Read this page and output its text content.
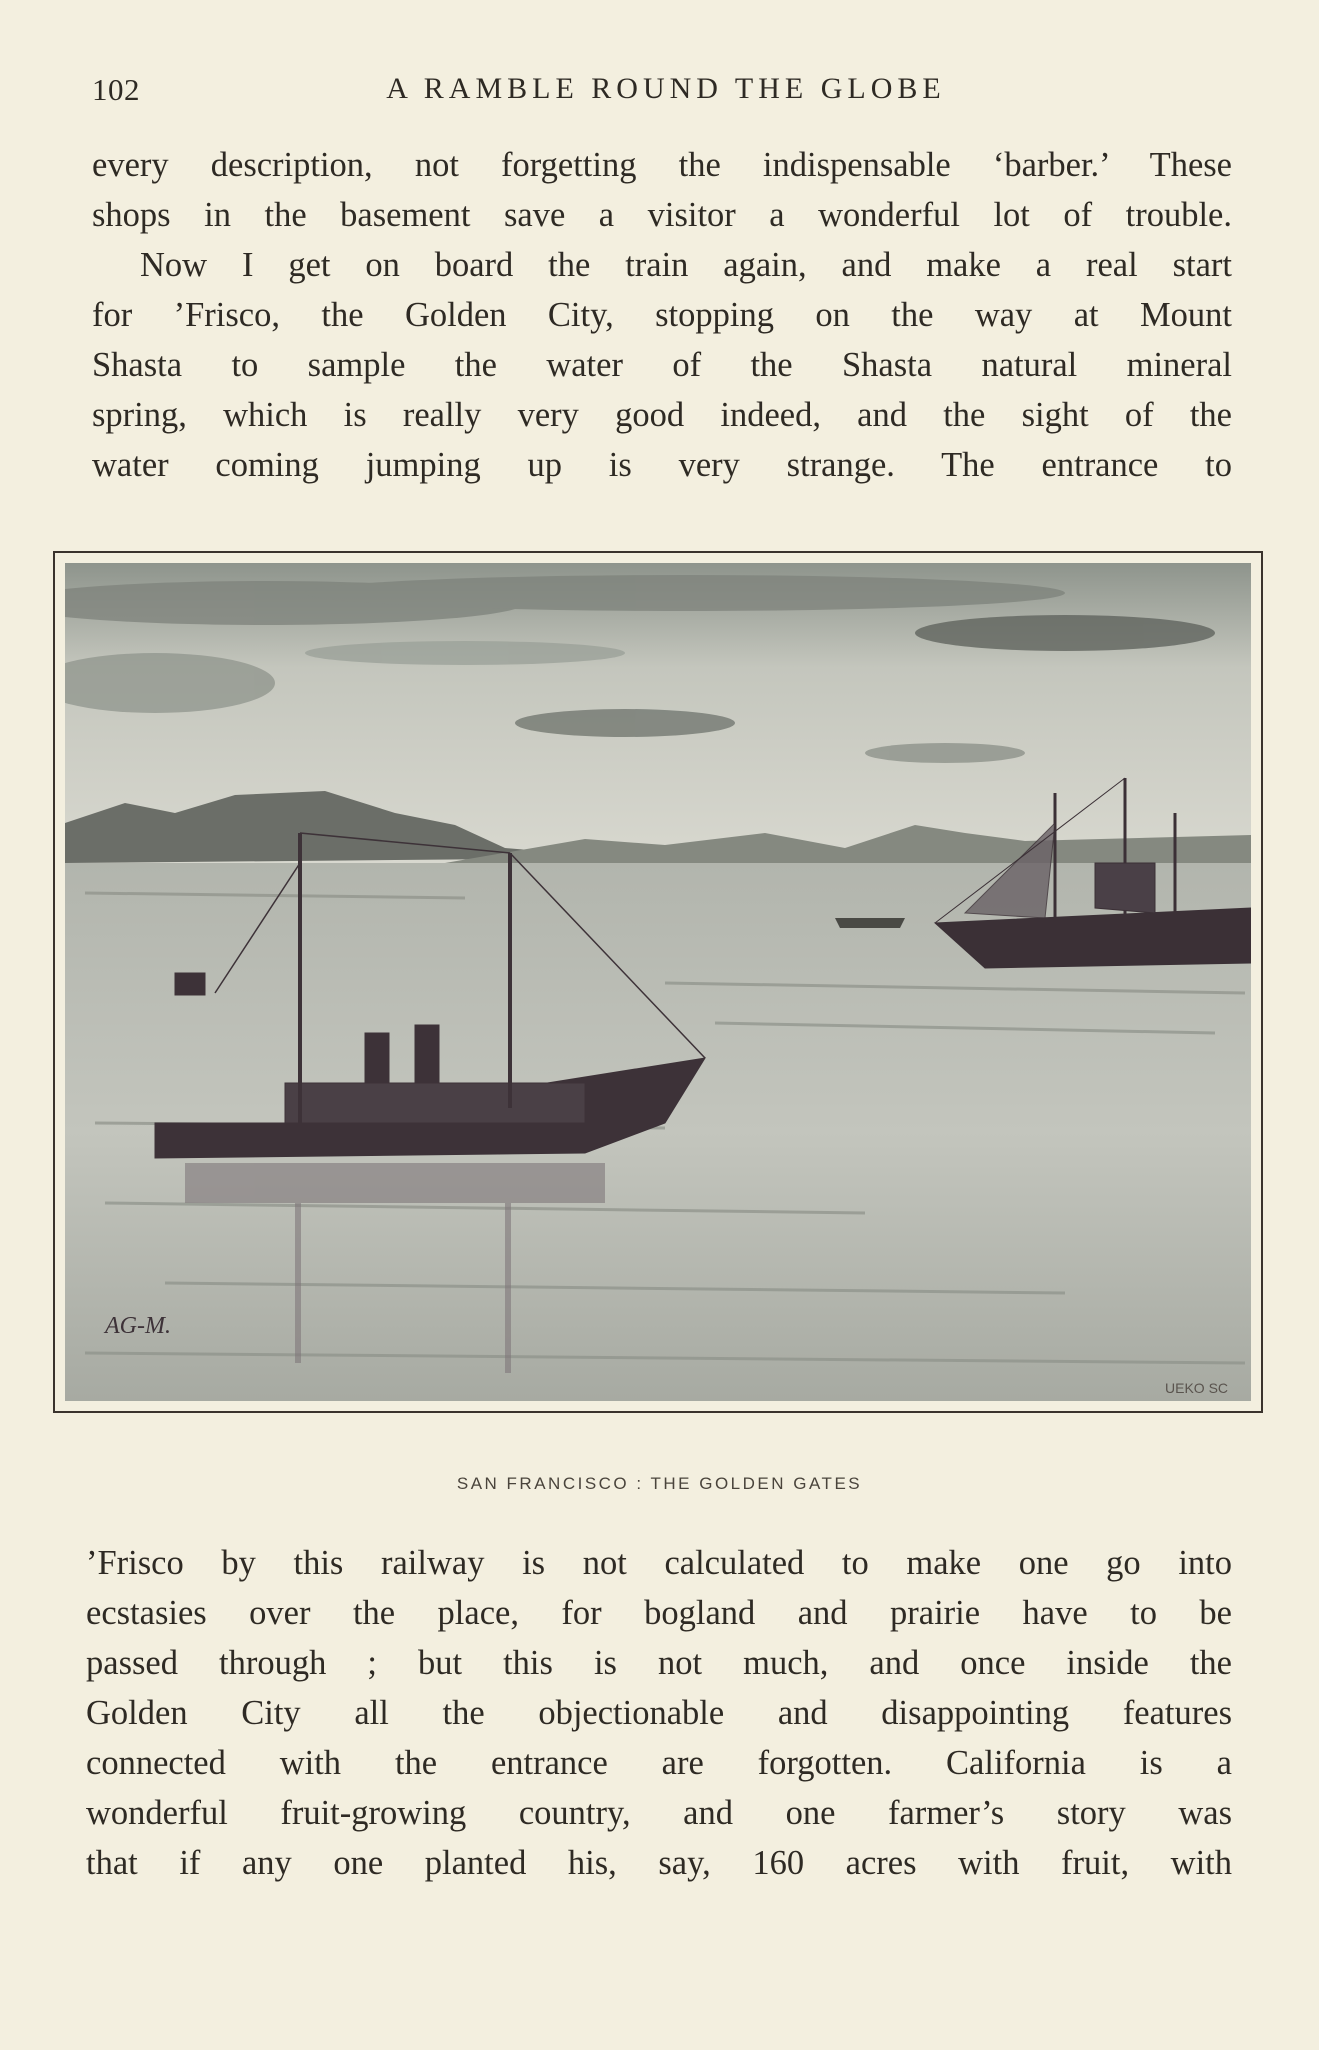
102	A RAMBLE ROUND THE GLOBE
every description, not forgetting the indispensable ‘barber.’ These
shops in the basement save a visitor a wonderful lot of trouble.
Now I get on board the train again, and make a real start
for ’Frisco, the Golden City, stopping on the way at Mount
Shasta to sample the water of the Shasta natural mineral
spring, which is really very good indeed, and the sight of the
water coming jumping up is very strange. The entrance to
AG-M.
UEKO SC
SAN FRANCISCO : THE GOLDEN GATES
’Frisco by this railway is not calculated to make one go into
ecstasies over the place, for bogland and prairie have to be
passed through ; but this is not much, and once inside the
Golden City all the objectionable and disappointing features
connected with the entrance are forgotten. California is a
wonderful fruit-growing country, and one farmer’s story was
that if any one planted his, say, 160 acres with fruit, with
